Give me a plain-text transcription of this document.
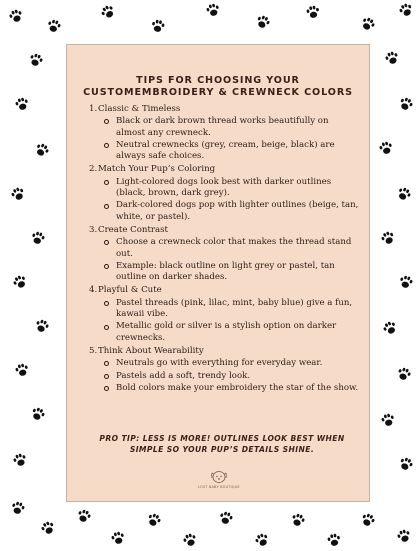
TIPS FOR CHOOSING YOUR CUSTOMEMBROIDERY & CREWNECK COLORS
1. Classic & Timeless
Black or dark brown thread works beautifully on almost any crewneck.
Neutral crewnecks (grey, cream, beige, black) are always safe choices.
2. Match Your Pup’s Coloring
Light-colored dogs look best with darker outlines (black, brown, dark grey).
Dark-colored dogs pop with lighter outlines (beige, tan, white, or pastel).
3. Create Contrast
Choose a crewneck color that makes the thread stand out.
Example: black outline on light grey or pastel, tan outline on darker shades.
4. Playful & Cute
Pastel threads (pink, lilac, mint, baby blue) give a fun, kawaii vibe.
Metallic gold or silver is a stylish option on darker crewnecks.
5. Think About Wearability
Neutrals go with everything for everyday wear.
Pastels add a soft, trendy look.
Bold colors make your embroidery the star of the show.
PRO TIP: LESS IS MORE! OUTLINES LOOK BEST WHEN SIMPLE SO YOUR PUP’S DETAILS SHINE.
LOST BABY BOUTIQUE
